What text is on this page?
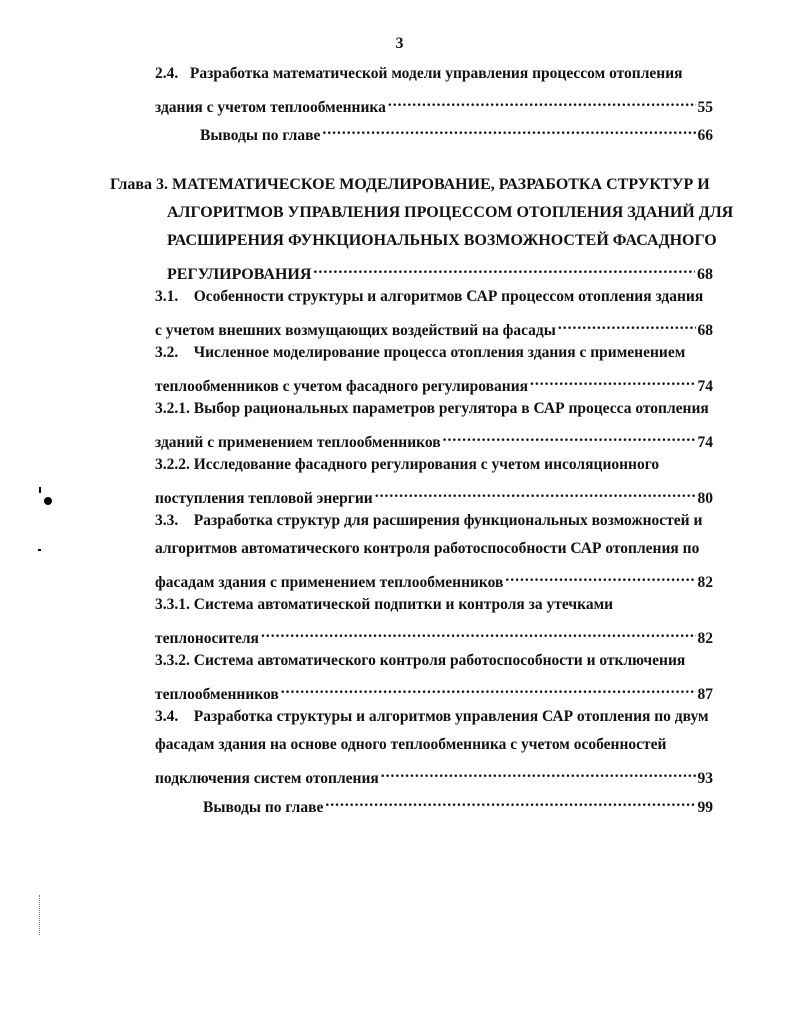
3
2.4.   Разработка математической модели управления процессом отопления
здания с учетом теплообменника .....	55
Выводы по главе .....	66
Глава 3. МАТЕМАТИЧЕСКОЕ МОДЕЛИРОВАНИЕ, РАЗРАБОТКА СТРУКТУР И
АЛГОРИТМОВ УПРАВЛЕНИЯ ПРОЦЕССОМ ОТОПЛЕНИЯ ЗДАНИЙ ДЛЯ
РАСШИРЕНИЯ ФУНКЦИОНАЛЬНЫХ ВОЗМОЖНОСТЕЙ ФАСАДНОГО
РЕГУЛИРОВАНИЯ .....	68
3.1.    Особенности структуры и алгоритмов САР процессом отопления здания
с учетом внешних возмущающих воздействий на фасады .....	68
3.2.    Численное моделирование процесса отопления здания с применением
теплообменников с учетом фасадного регулирования .....	74
3.2.1. Выбор рациональных параметров регулятора в САР процесса отопления
зданий с применением теплообменников .....	74
3.2.2. Исследование фасадного регулирования с учетом инсоляционного
поступления тепловой энергии .....	80
3.3.    Разработка структур для расширения функциональных возможностей и
алгоритмов автоматического контроля работоспособности САР отопления по
фасадам здания с применением теплообменников .....	82
3.3.1. Система автоматической подпитки и контроля за утечками
теплоносителя .....	82
3.3.2. Система автоматического контроля работоспособности и отключения
теплообменников .....	87
3.4.    Разработка структуры и алгоритмов управления САР отопления по двум
фасадам здания на основе одного теплообменника с учетом особенностей
подключения систем отопления .....	93
Выводы по главе .....	99
